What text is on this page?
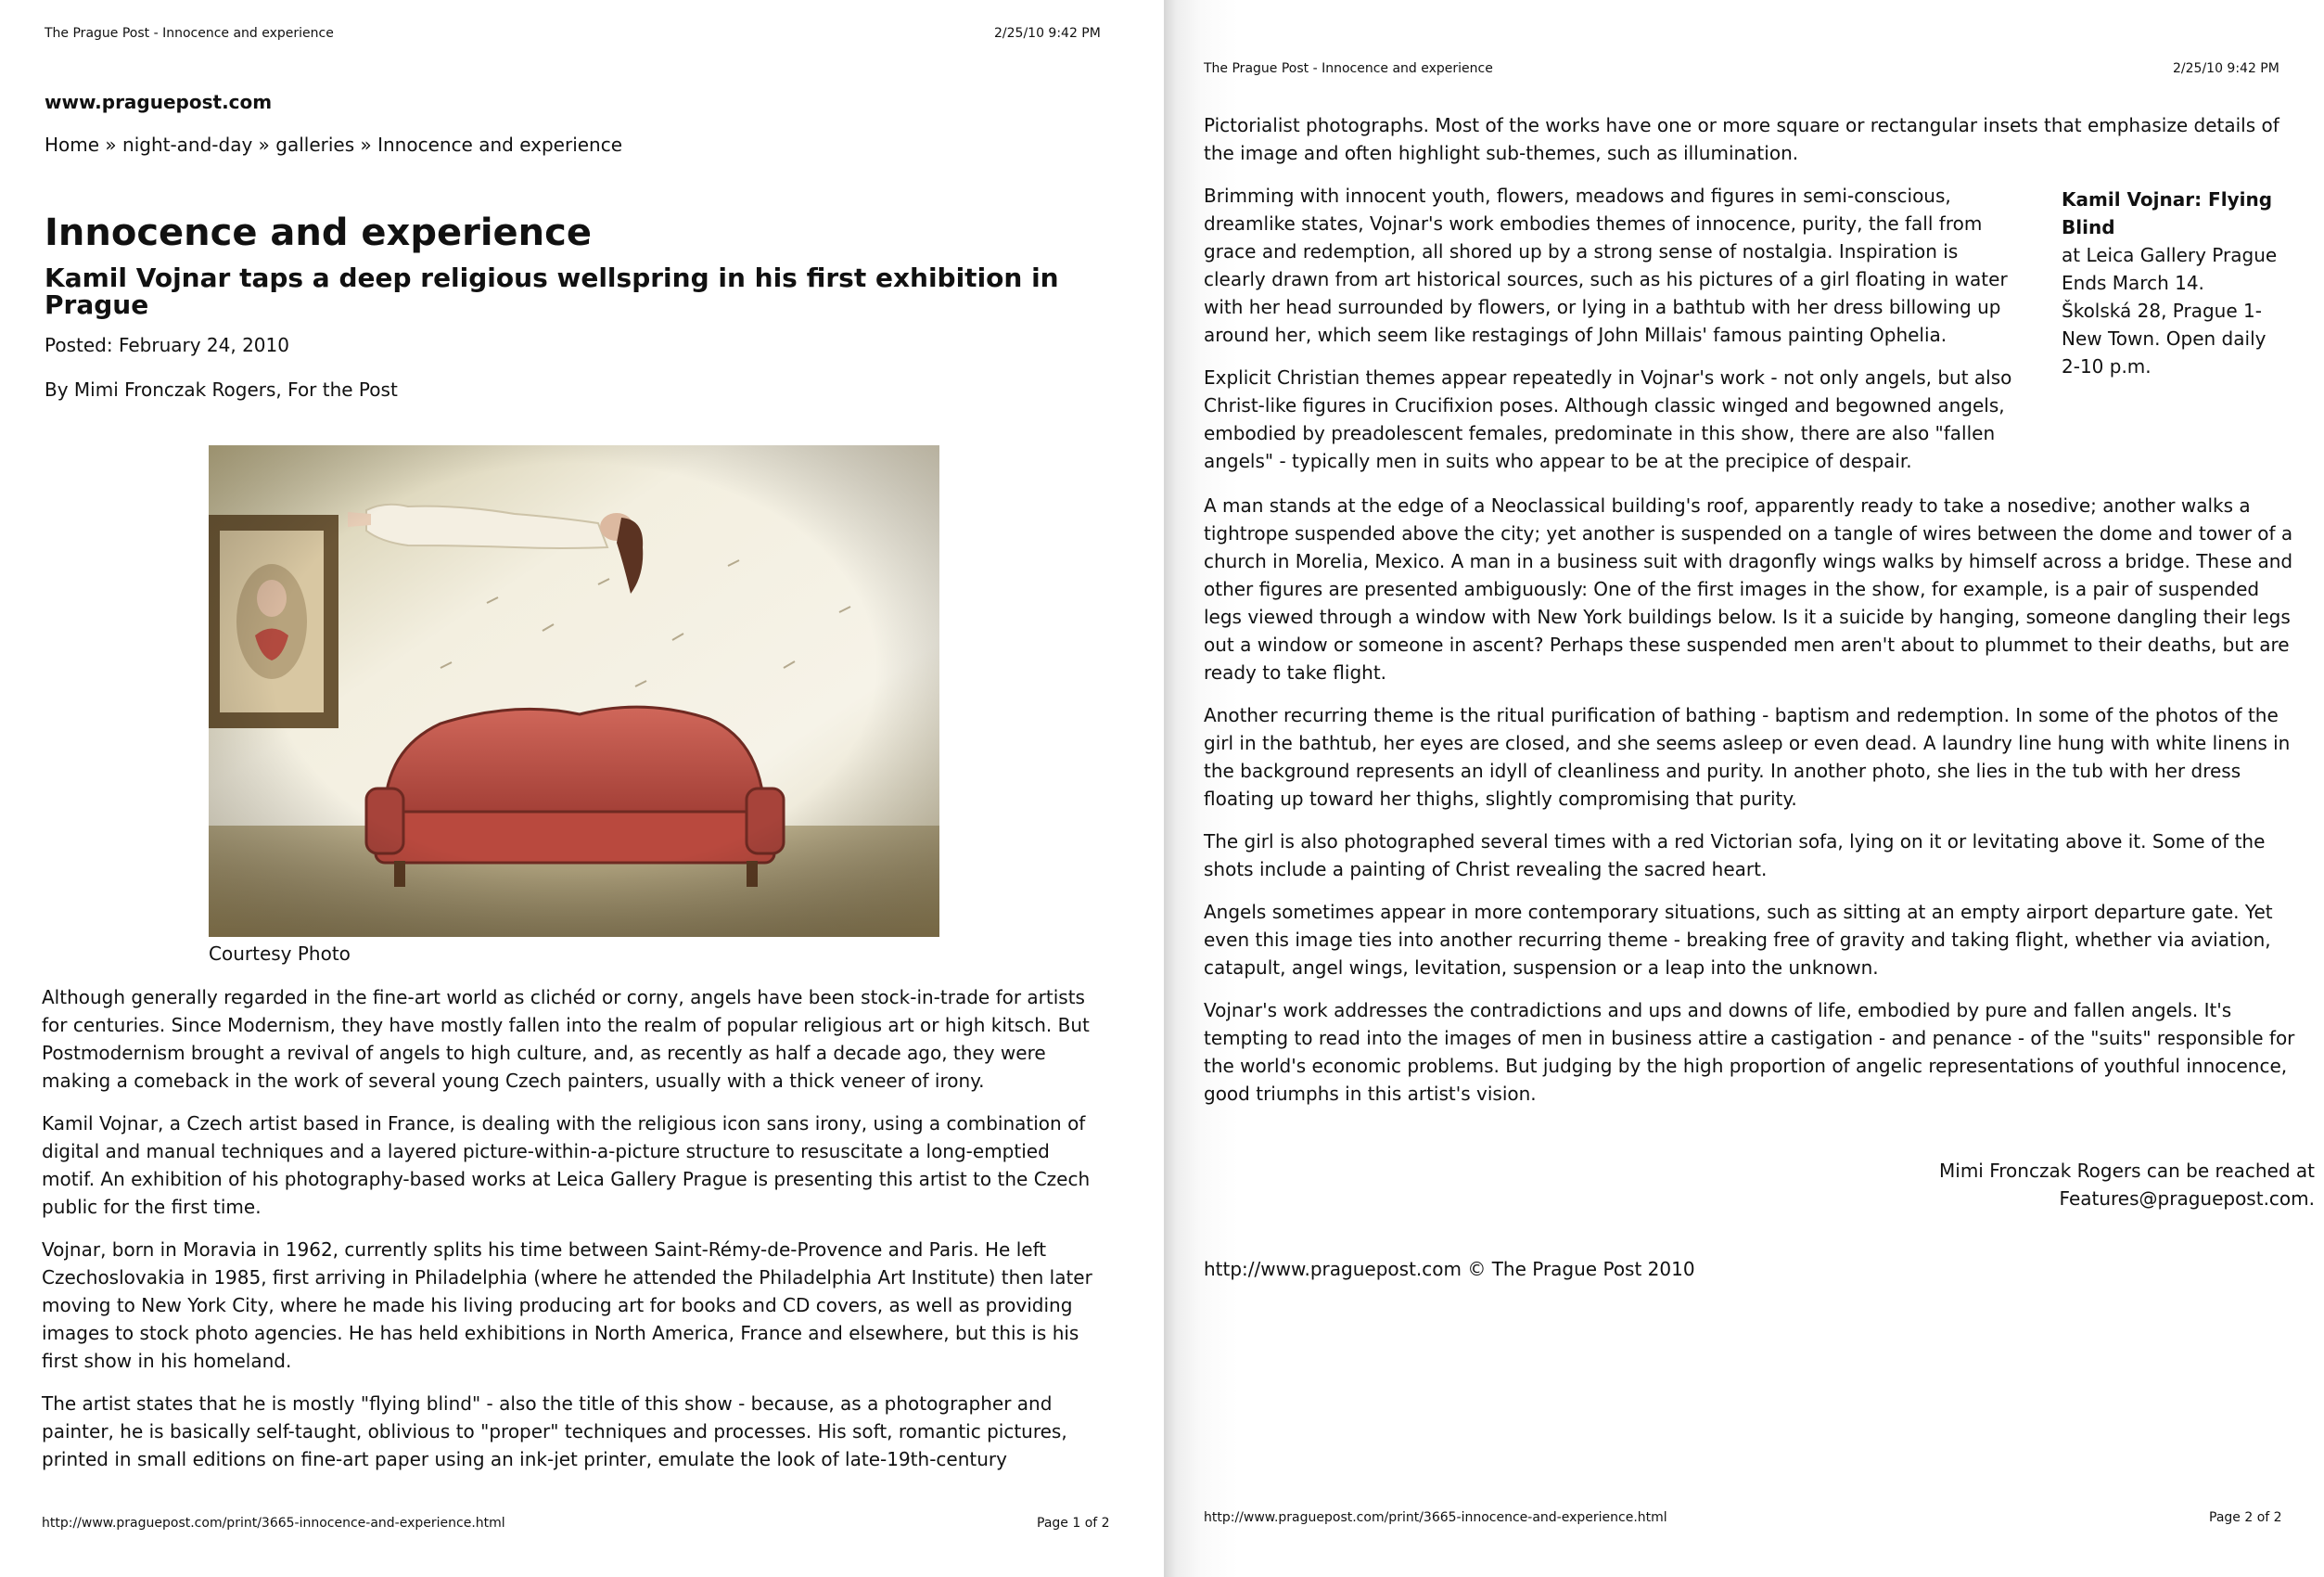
The Prague Post - Innocence and experience	2/25/10 9:42 PM
www.praguepost.com
Home » night-and-day » galleries » Innocence and experience
Innocence and experience
Kamil Vojnar taps a deep religious wellspring in his first exhibition in Prague
Posted: February 24, 2010
By Mimi Fronczak Rogers, For the Post
Courtesy Photo

Although generally regarded in the fine-art world as clichéd or corny, angels have been stock-in-trade for artists for centuries. Since Modernism, they have mostly fallen into the realm of popular religious art or high kitsch. But Postmodernism brought a revival of angels to high culture, and, as recently as half a decade ago, they were making a comeback in the work of several young Czech painters, usually with a thick veneer of irony.

Kamil Vojnar, a Czech artist based in France, is dealing with the religious icon sans irony, using a combination of digital and manual techniques and a layered picture-within-a-picture structure to resuscitate a long-emptied motif. An exhibition of his photography-based works at Leica Gallery Prague is presenting this artist to the Czech public for the first time.

Vojnar, born in Moravia in 1962, currently splits his time between Saint-Rémy-de-Provence and Paris. He left Czechoslovakia in 1985, first arriving in Philadelphia (where he attended the Philadelphia Art Institute) then later moving to New York City, where he made his living producing art for books and CD covers, as well as providing images to stock photo agencies. He has held exhibitions in North America, France and elsewhere, but this is his first show in his homeland.

The artist states that he is mostly "flying blind" - also the title of this show - because, as a photographer and painter, he is basically self-taught, oblivious to "proper" techniques and processes. His soft, romantic pictures, printed in small editions on fine-art paper using an ink-jet printer, emulate the look of late-19th-century

http://www.praguepost.com/print/3665-innocence-and-experience.html	Page 1 of 2
The Prague Post - Innocence and experience	2/25/10 9:42 PM

Pictorialist photographs. Most of the works have one or more square or rectangular insets that emphasize details of the image and often highlight sub-themes, such as illumination.

Brimming with innocent youth, flowers, meadows and figures in semi-conscious, dreamlike states, Vojnar's work embodies themes of innocence, purity, the fall from grace and redemption, all shored up by a strong sense of nostalgia. Inspiration is clearly drawn from art historical sources, such as his pictures of a girl floating in water with her head surrounded by flowers, or lying in a bathtub with her dress billowing up around her, which seem like restagings of John Millais' famous painting Ophelia.

Explicit Christian themes appear repeatedly in Vojnar's work - not only angels, but also Christ-like figures in Crucifixion poses. Although classic winged and begowned angels, embodied by preadolescent females, predominate in this show, there are also "fallen angels" - typically men in suits who appear to be at the precipice of despair.

Kamil Vojnar: Flying Blind
at Leica Gallery Prague
Ends March 14.
Školská 28, Prague 1-New Town. Open daily 2-10 p.m.

A man stands at the edge of a Neoclassical building's roof, apparently ready to take a nosedive; another walks a tightrope suspended above the city; yet another is suspended on a tangle of wires between the dome and tower of a church in Morelia, Mexico. A man in a business suit with dragonfly wings walks by himself across a bridge. These and other figures are presented ambiguously: One of the first images in the show, for example, is a pair of suspended legs viewed through a window with New York buildings below. Is it a suicide by hanging, someone dangling their legs out a window or someone in ascent? Perhaps these suspended men aren't about to plummet to their deaths, but are ready to take flight.

Another recurring theme is the ritual purification of bathing - baptism and redemption. In some of the photos of the girl in the bathtub, her eyes are closed, and she seems asleep or even dead. A laundry line hung with white linens in the background represents an idyll of cleanliness and purity. In another photo, she lies in the tub with her dress floating up toward her thighs, slightly compromising that purity.

The girl is also photographed several times with a red Victorian sofa, lying on it or levitating above it. Some of the shots include a painting of Christ revealing the sacred heart.

Angels sometimes appear in more contemporary situations, such as sitting at an empty airport departure gate. Yet even this image ties into another recurring theme - breaking free of gravity and taking flight, whether via aviation, catapult, angel wings, levitation, suspension or a leap into the unknown.

Vojnar's work addresses the contradictions and ups and downs of life, embodied by pure and fallen angels. It's tempting to read into the images of men in business attire a castigation - and penance - of the "suits" responsible for the world's economic problems. But judging by the high proportion of angelic representations of youthful innocence, good triumphs in this artist's vision.

Mimi Fronczak Rogers can be reached at
Features@praguepost.com.
http://www.praguepost.com © The Prague Post 2010
http://www.praguepost.com/print/3665-innocence-and-experience.html	Page 2 of 2
